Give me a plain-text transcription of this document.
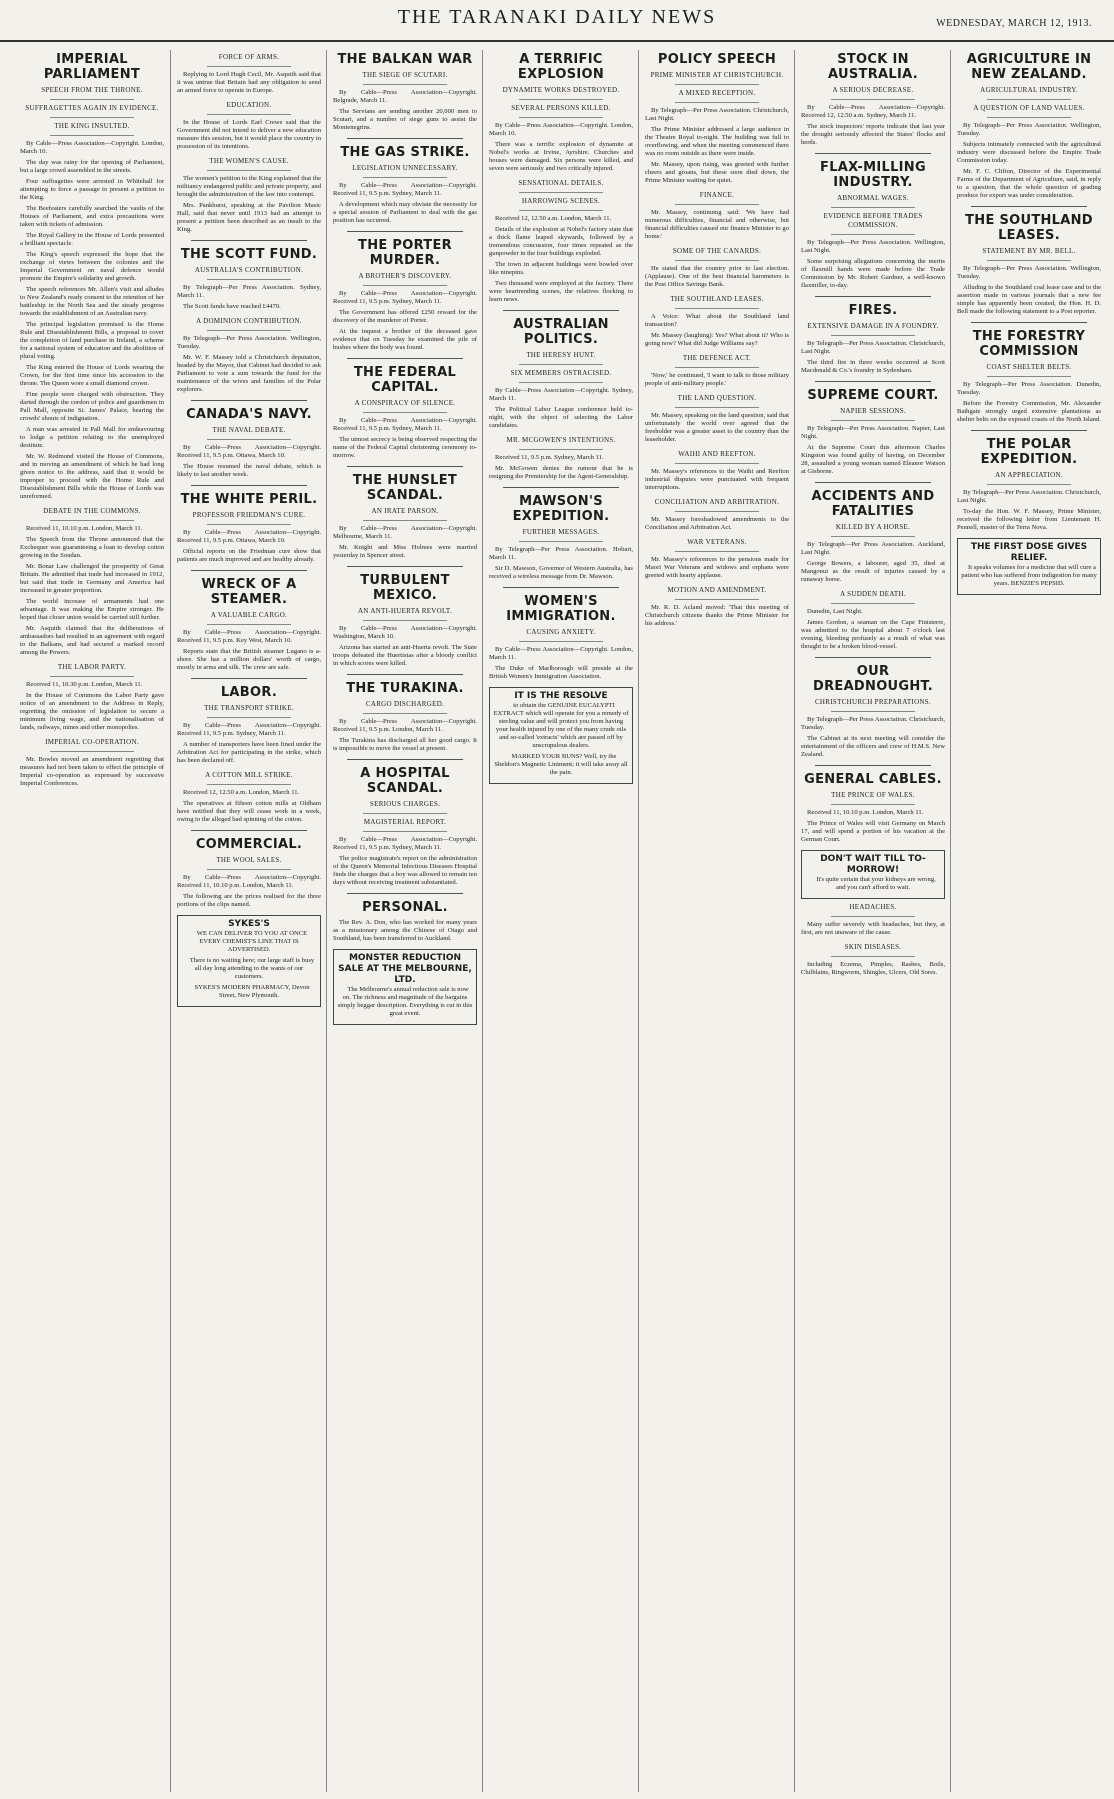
THE TARANAKI DAILY NEWS	WEDNESDAY, MARCH 12, 1913.
IMPERIAL PARLIAMENT
SPEECH FROM THE THRONE.
SUFFRAGETTES AGAIN IN EVIDENCE.
THE KING INSULTED.

By Cable—Press Association—Copyright. London, March 10.

The day was rainy for the opening of Parliament, but a large crowd assembled in the streets.

Four suffragettes were arrested in Whitehall for attempting to force a passage to present a petition to the King.

The Beefeaters carefully searched the vaults of the Houses of Parliament, and extra precautions were taken with tickets of admission.

The Royal Gallery in the House of Lords presented a brilliant spectacle.

The King's speech expressed the hope that the exchange of views between the colonies and the Imperial Government on naval defence would promote the Empire's solidarity and growth.

The speech references Mr. Allen's visit and alludes to New Zealand's ready consent to the retention of her battleship in the North Sea and the steady progress towards the establishment of an Australian navy.

The principal legislation promised is the Home Rule and Disestablishment Bills, a proposal to cover the completion of land purchase in Ireland, a scheme for a national system of education and the abolition of plural voting.

The King entered the House of Lords wearing the Crown, for the first time since his accession to the throne. The Queen wore a small diamond crown.

Fine people were charged with obstruction. They darted through the cordon of police and guardsmen in Pall Mall, opposite St. James' Palace, hearing the crowds' shouts of indignation.

A man was arrested in Pall Mall for endeavouring to lodge a petition relating to the unemployed destitute.

Mr. W. Redmond visited the House of Commons, and in moving an amendment of which he had long given notice to the address, said that it would be improper to proceed with the Home Rule and Disestablishment Bills while the House of Lords was unreformed.

DEBATE IN THE COMMONS.

Received 11, 10.10 p.m. London, March 11.

The Speech from the Throne announced that the Exchequer was guaranteeing a loan to develop cotton growing in the Soudan.

Mr. Bonar Law challenged the prosperity of Great Britain. He admitted that trade had increased in 1912, but said that trade in Germany and America had increased in greater proportion.

The world increase of armaments had one advantage. It was making the Empire stronger. He hoped that closer union would be carried still further.

Mr. Asquith claimed that the deliberations of ambassadors had resulted in an agreement with regard to the Balkans, and had secured a marked record among the Powers.

THE LABOR PARTY.

Received 11, 10.30 p.m. London, March 11.

In the House of Commons the Labor Party gave notice of an amendment to the Address in Reply, regretting the omission of legislation to secure a minimum living wage, and the nationalisation of lands, railways, mines and other monopolies.

IMPERIAL CO-OPERATION.

Mr. Bowles moved an amendment regretting that measures had not been taken to effect the principle of Imperial co-operation as expressed by successive Imperial Conferences.

FORCE OF ARMS.

Replying to Lord Hugh Cecil, Mr. Asquith said that it was untrue that Britain had any obligation to send an armed force to operate in Europe.

EDUCATION.

In the House of Lords Earl Crewe said that the Government did not intend to deliver a new education measure this session, but it would place the country in possession of its intentions.

THE WOMEN'S CAUSE.

The women's petition to the King explained that the militancy endangered public and private property, and brought the administration of the law into contempt.

Mrs. Pankhurst, speaking at the Pavilion Music Hall, said that never until 1913 had an attempt to present a petition been described as an insult to the King.

THE SCOTT FUND.
AUSTRALIA'S CONTRIBUTION.

By Telegraph—Per Press Association. Sydney, March 11.

The Scott funds have reached £4470.

A DOMINION CONTRIBUTION.

By Telegraph—Per Press Association. Wellington, Tuesday.

Mr. W. F. Massey told a Christchurch deputation, headed by the Mayor, that Cabinet had decided to ask Parliament to vote a sum towards the fund for the maintenance of the wives and families of the Polar explorers.

CANADA'S NAVY.
THE NAVAL DEBATE.

By Cable—Press Association—Copyright. Received 11, 9.5 p.m. Ottawa, March 10.

The House resumed the naval debate, which is likely to last another week.

THE WHITE PERIL.
PROFESSOR FRIEDMAN'S CURE.

By Cable—Press Association—Copyright. Received 11, 9.5 p.m. Ottawa, March 10.

Official reports on the Friedman cure show that patients are much improved and are healthy already.

WRECK OF A STEAMER.
A VALUABLE CARGO.

By Cable—Press Association—Copyright. Received 11, 9.5 p.m. Key West, March 10.

Reports state that the British steamer Lugano is a-shore. She has a million dollars' worth of cargo, mostly in arms and silk. The crew are safe.

LABOR.
THE TRANSPORT STRIKE.

By Cable—Press Association—Copyright. Received 11, 9.5 p.m. Sydney, March 11.

A number of transporters have been fined under the Arbitration Act for participating in the strike, which has been declared off.

A COTTON MILL STRIKE.

Received 12, 12.50 a.m. London, March 11.

The operatives at fifteen cotton mills at Oldham have notified that they will cease work in a week, owing to the alleged bad spinning of the cotton.

COMMERCIAL.
THE WOOL SALES.

By Cable—Press Association—Copyright. Received 11, 10.10 p.m. London, March 11.

The following are the prices realised for the three portions of the clips named.

SYKES'S

WE CAN DELIVER TO YOU AT ONCE EVERY CHEMIST'S LINE THAT IS ADVERTISED.

There is no waiting here; our large staff is busy all day long attending to the wants of our customers.

SYKES'S MODERN PHARMACY, Devon Street, New Plymouth.

THE BALKAN WAR
THE SIEGE OF SCUTARI.

By Cable—Press Association—Copyright. Belgrade, March 11.

The Servians are sending another 20,000 men to Scutari, and a number of siege guns to assist the Montenegrins.

THE GAS STRIKE.
LEGISLATION UNNECESSARY.

By Cable—Press Association—Copyright. Received 11, 9.5 p.m. Sydney, March 11.

A development which may obviate the necessity for a special session of Parliament to deal with the gas position has occurred.

THE PORTER MURDER.
A BROTHER'S DISCOVERY.

By Cable—Press Association—Copyright. Received 11, 9.5 p.m. Sydney, March 11.

The Government has offered £250 reward for the discovery of the murderer of Porter.

At the inquest a brother of the deceased gave evidence that on Tuesday he examined the pile of bushes where the body was found.

THE FEDERAL CAPITAL.
A CONSPIRACY OF SILENCE.

By Cable—Press Association—Copyright. Received 11, 9.5 p.m. Sydney, March 11.

The utmost secrecy is being observed respecting the name of the Federal Capital christening ceremony to-morrow.

THE HUNSLET SCANDAL.
AN IRATE PARSON.

By Cable—Press Association—Copyright. Melbourne, March 11.

Mr. Knight and Miss Holmes were married yesterday in Spencer street.

TURBULENT MEXICO.
AN ANTI-HUERTA REVOLT.

By Cable—Press Association—Copyright. Washington, March 10.

Arizona has started an anti-Huerta revolt. The State troops defeated the Huertistas after a bloody conflict in which scores were killed.

THE TURAKINA.
CARGO DISCHARGED.

By Cable—Press Association—Copyright. Received 11, 9.5 p.m. London, March 11.

The Turakina has discharged all her good cargo. It is impossible to move the vessel at present.

A HOSPITAL SCANDAL.
SERIOUS CHARGES.
MAGISTERIAL REPORT.

By Cable—Press Association—Copyright. Received 11, 9.5 p.m. Sydney, March 11.

The police magistrate's report on the administration of the Queen's Memorial Infectious Diseases Hospital finds the charges that a boy was allowed to remain ten days without receiving treatment substantiated.

PERSONAL.

The Rev. A. Don, who has worked for many years as a missionary among the Chinese of Otago and Southland, has been transferred to Auckland.

MONSTER REDUCTION SALE AT THE MELBOURNE, LTD.

The Melbourne's annual reduction sale is now on. The richness and magnitude of the bargains simply beggar description. Everything is cut in this great event.

A TERRIFIC EXPLOSION
DYNAMITE WORKS DESTROYED.
SEVERAL PERSONS KILLED.

By Cable—Press Association—Copyright. London, March 10.

There was a terrific explosion of dynamite at Nobel's works at Irvine, Ayrshire. Churches and houses were damaged. Six persons were killed, and seven were seriously and two critically injured.

SENSATIONAL DETAILS.
HARROWING SCENES.

Received 12, 12.50 a.m. London, March 11.

Details of the explosion at Nobel's factory state that a thick flame leaped skywards, followed by a tremendous concussion, four times repeated as the gunpowder in the four buildings exploded.

The town in adjacent buildings were bowled over like ninepins.

Two thousand were employed at the factory. There were heartrending scenes, the relatives flocking to learn news.

AUSTRALIAN POLITICS.
THE HERESY HUNT.
SIX MEMBERS OSTRACISED.

By Cable—Press Association—Copyright. Sydney, March 11.

The Political Labor League conference held to-night, with the object of selecting the Labor candidates.

MR. MCGOWEN'S INTENTIONS.

Received 11, 9.5 p.m. Sydney, March 11.

Mr. McGowen denies the rumour that he is resigning the Premiership for the Agent-Generalship.

MAWSON'S EXPEDITION.
FURTHER MESSAGES.

By Telegraph—Per Press Association. Hobart, March 11.

Sir D. Mawson, Governor of Western Australia, has received a wireless message from Dr. Mawson.

WOMEN'S IMMIGRATION.
CAUSING ANXIETY.

By Cable—Press Association—Copyright. London, March 11.

The Duke of Marlborough will preside at the British Women's Immigration Association.

IT IS THE RESOLVE

to obtain the GENUINE EUCALYPTI EXTRACT which will operate for you a remedy of sterling value and will protect you from having your health injured by one of the many crude oils and so-called 'extracts' which are passed off by unscrupulous dealers.

MARKED YOUR BUNS? Well, try the Sheldon's Magnetic Liniment; it will take away all the pain.

POLICY SPEECH
PRIME MINISTER AT CHRISTCHURCH.
A MIXED RECEPTION.

By Telegraph—Per Press Association. Christchurch, Last Night.

The Prime Minister addressed a large audience in the Theatre Royal to-night. The building was full to overflowing, and when the meeting commenced there was no room outside as there were inside.

Mr. Massey, upon rising, was greeted with further cheers and groans, but these soon died down, the Prime Minister waiting for quiet.

FINANCE.

Mr. Massey, continuing said: 'We have had numerous difficulties, financial and otherwise, but financial difficulties caused our finance Minister to go home.'

SOME OF THE CANARDS.

He stated that the country prior to last election. (Applause). One of the best financial barometers is the Post Office Savings Bank.

THE SOUTHLAND LEASES.

A Voice: What about the Southland land transaction?

Mr. Massey (laughing): Yes? What about it? Who is going now? What did Judge Williams say?

THE DEFENCE ACT.

'Now,' he continued, 'I want to talk to those military people of anti-military people.'

THE LAND QUESTION.

Mr. Massey, speaking on the land question, said that unfortunately the world over agreed that the freeholder was a greater asset to the country than the leaseholder.

WAIHI AND REEFTON.

Mr. Massey's references to the Waihi and Reefton industrial disputes were punctuated with frequent interruptions.

CONCILIATION AND ARBITRATION.

Mr. Massey foreshadowed amendments to the Conciliation and Arbitration Act.

WAR VETERANS.

Mr. Massey's references to the pensions made for Maori War Veterans and widows and orphans were greeted with hearty applause.

MOTION AND AMENDMENT.

Mr. R. D. Acland moved: 'That this meeting of Christchurch citizens thanks the Prime Minister for his address.'

STOCK IN AUSTRALIA.
A SERIOUS DECREASE.

By Cable—Press Association—Copyright. Received 12, 12.50 a.m. Sydney, March 11.

The stock inspectors' reports indicate that last year the drought seriously affected the States' flocks and herds.

FLAX-MILLING INDUSTRY.
ABNORMAL WAGES.
EVIDENCE BEFORE TRADES COMMISSION.

By Telegraph—Per Press Association. Wellington, Last Night.

Some surprising allegations concerning the merits of flaxmill hands were made before the Trade Commission by Mr. Robert Gardner, a well-known flaxmiller, to-day.

FIRES.
EXTENSIVE DAMAGE IN A FOUNDRY.

By Telegraph—Per Press Association. Christchurch, Last Night.

The third fire in three weeks occurred at Scott Macdonald & Co.'s foundry in Sydenham.

SUPREME COURT.
NAPIER SESSIONS.

By Telegraph—Per Press Association. Napier, Last Night.

At the Supreme Court this afternoon Charles Kingston was found guilty of having, on December 28, assaulted a young woman named Eleanor Watson at Gisborne.

ACCIDENTS AND FATALITIES
KILLED BY A HORSE.

By Telegraph—Per Press Association. Auckland, Last Night.

George Bowers, a labourer, aged 35, died at Mangonui as the result of injuries caused by a runaway horse.

A SUDDEN DEATH.

Dunedin, Last Night.

James Gordon, a seaman on the Cape Finisterre, was admitted to the hospital about 7 o'clock last evening, bleeding profusely as a result of what was thought to be a broken blood-vessel.

OUR DREADNOUGHT.
CHRISTCHURCH PREPARATIONS.

By Telegraph—Per Press Association. Christchurch, Tuesday.

The Cabinet at its next meeting will consider the entertainment of the officers and crew of H.M.S. New Zealand.

GENERAL CABLES.
THE PRINCE OF WALES.

Received 11, 10.10 p.m. London, March 11.

The Prince of Wales will visit Germany on March 17, and will spend a portion of his vacation at the German Court.

DON'T WAIT TILL TO-MORROW!

It's quite certain that your kidneys are wrong, and you can't afford to wait.

HEADACHES.

Many suffer severely with headaches, but they, at first, are not unaware of the cause.

SKIN DISEASES.

Including Eczema, Pimples, Rashes, Boils, Chilblains, Ringworm, Shingles, Ulcers, Old Sores.

AGRICULTURE IN NEW ZEALAND.
AGRICULTURAL INDUSTRY.
A QUESTION OF LAND VALUES.

By Telegraph—Per Press Association. Wellington, Tuesday.

Subjects intimately connected with the agricultural industry were discussed before the Empire Trade Commission today.

Mr. F. C. Clifton, Director of the Experimental Farms of the Department of Agriculture, said, in reply to a question, that the whole question of grading produce for export was under consideration.

THE SOUTHLAND LEASES.
STATEMENT BY MR. BELL.

By Telegraph—Per Press Association. Wellington, Tuesday.

Alluding to the Southland coal lease case and to the assertion made in various journals that a new fee simple has apparently been created, the Hon. H. D. Bell made the following statement to a Post reporter.

THE FORESTRY COMMISSION
COAST SHELTER BELTS.

By Telegraph—Per Press Association. Dunedin, Tuesday.

Before the Forestry Commission, Mr. Alexander Bathgate strongly urged extensive plantations as shelter belts on the exposed coasts of the North Island.

THE POLAR EXPEDITION.
AN APPRECIATION.

By Telegraph—Per Press Association. Christchurch, Last Night.

To-day the Hon. W. F. Massey, Prime Minister, received the following letter from Lieutenant H. Pennell, master of the Terra Nova.

THE FIRST DOSE GIVES RELIEF.

It speaks volumes for a medicine that will cure a patient who has suffered from indigestion for many years. BENZIE'S PEPSID.
